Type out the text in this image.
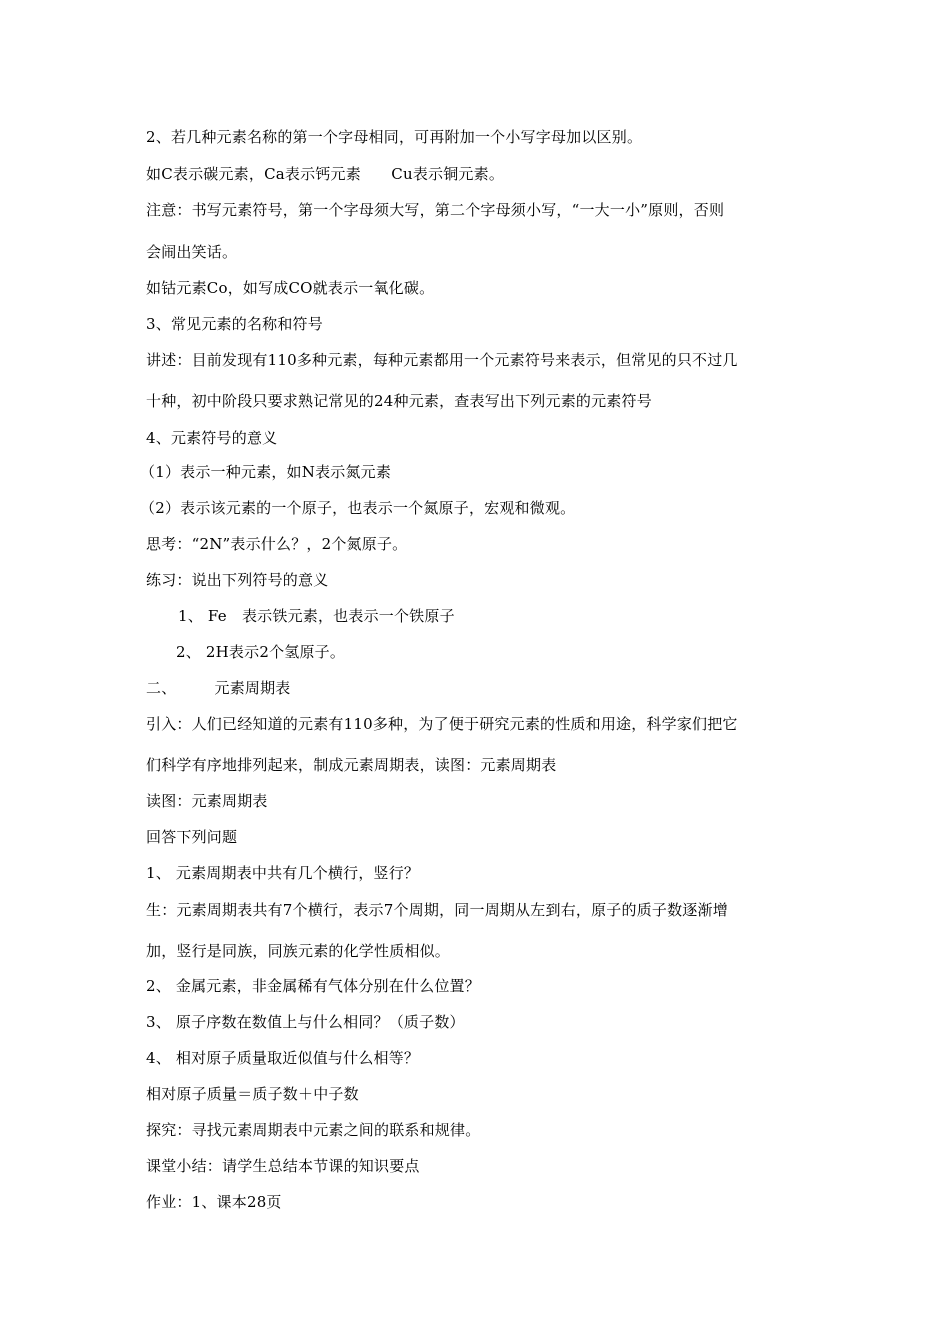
2、若几种元素名称的第一个字母相同，可再附加一个小写字母加以区别。
如C表示碳元素，Ca表示钙元素　　Cu表示铜元素。
注意：书写元素符号，第一个字母须大写，第二个字母须小写，“一大一小”原则，否则
会闹出笑话。
如钴元素Co，如写成CO就表示一氧化碳。
3、常见元素的名称和符号
讲述：目前发现有110多种元素，每种元素都用一个元素符号来表示，但常见的只不过几
十种，初中阶段只要求熟记常见的24种元素，查表写出下列元素的元素符号
4、元素符号的意义
（1）表示一种元素，如N表示氮元素
（2）表示该元素的一个原子，也表示一个氮原子，宏观和微观。
思考：“2N”表示什么？，2个氮原子。
练习：说出下列符号的意义
1、 Fe　表示铁元素，也表示一个铁原子
2、 2H表示2个氢原子。
二、　　　元素周期表
引入：人们已经知道的元素有110多种，为了便于研究元素的性质和用途，科学家们把它
们科学有序地排列起来，制成元素周期表，读图：元素周期表
读图：元素周期表
回答下列问题
1、 元素周期表中共有几个横行，竖行？
生：元素周期表共有7个横行，表示7个周期，同一周期从左到右，原子的质子数逐渐增
加，竖行是同族，同族元素的化学性质相似。
2、 金属元素，非金属稀有气体分别在什么位置？
3、 原子序数在数值上与什么相同？（质子数）
4、 相对原子质量取近似值与什么相等？
相对原子质量＝质子数＋中子数
探究：寻找元素周期表中元素之间的联系和规律。
课堂小结：请学生总结本节课的知识要点
作业：1、课本28页
